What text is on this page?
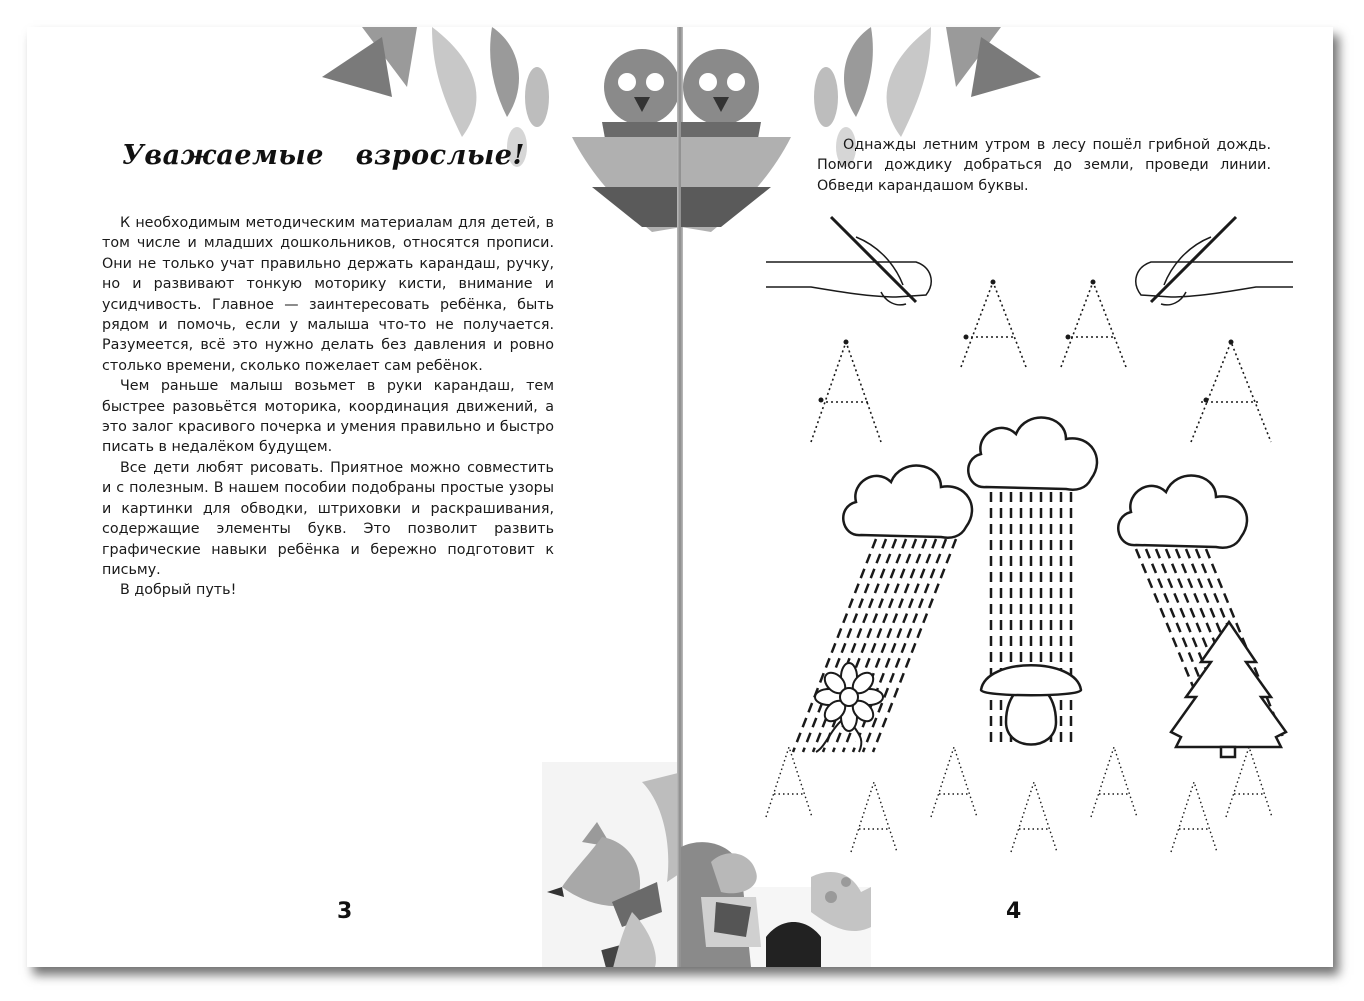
Уважаемые взрослые!

К необходимым методическим материалам для детей, в том числе и младших дошкольников, относятся прописи. Они не только учат правильно держать карандаш, ручку, но и развивают тонкую моторику кисти, внимание и усидчивость. Главное — заинтересовать ребёнка, быть рядом и помочь, если у малыша что-то не получается. Разумеется, всё это нужно делать без давления и ровно столько времени, сколько пожелает сам ребёнок.

Чем раньше малыш возьмет в руки карандаш, тем быстрее разовьётся моторика, координация движений, а это залог красивого почерка и умения правильно и быстро писать в недалёком будущем.

Все дети любят рисовать. Приятное можно совместить и с полезным. В нашем пособии подобраны простые узоры и картинки для обводки, штриховки и раскрашивания, содержащие элементы букв. Это позволит развить графические навыки ребёнка и бережно подготовит к письму.

В добрый путь!

3

Однажды летним утром в лесу пошёл грибной дождь. Помоги дождику добраться до земли, проведи линии. Обведи карандашом буквы.

4
